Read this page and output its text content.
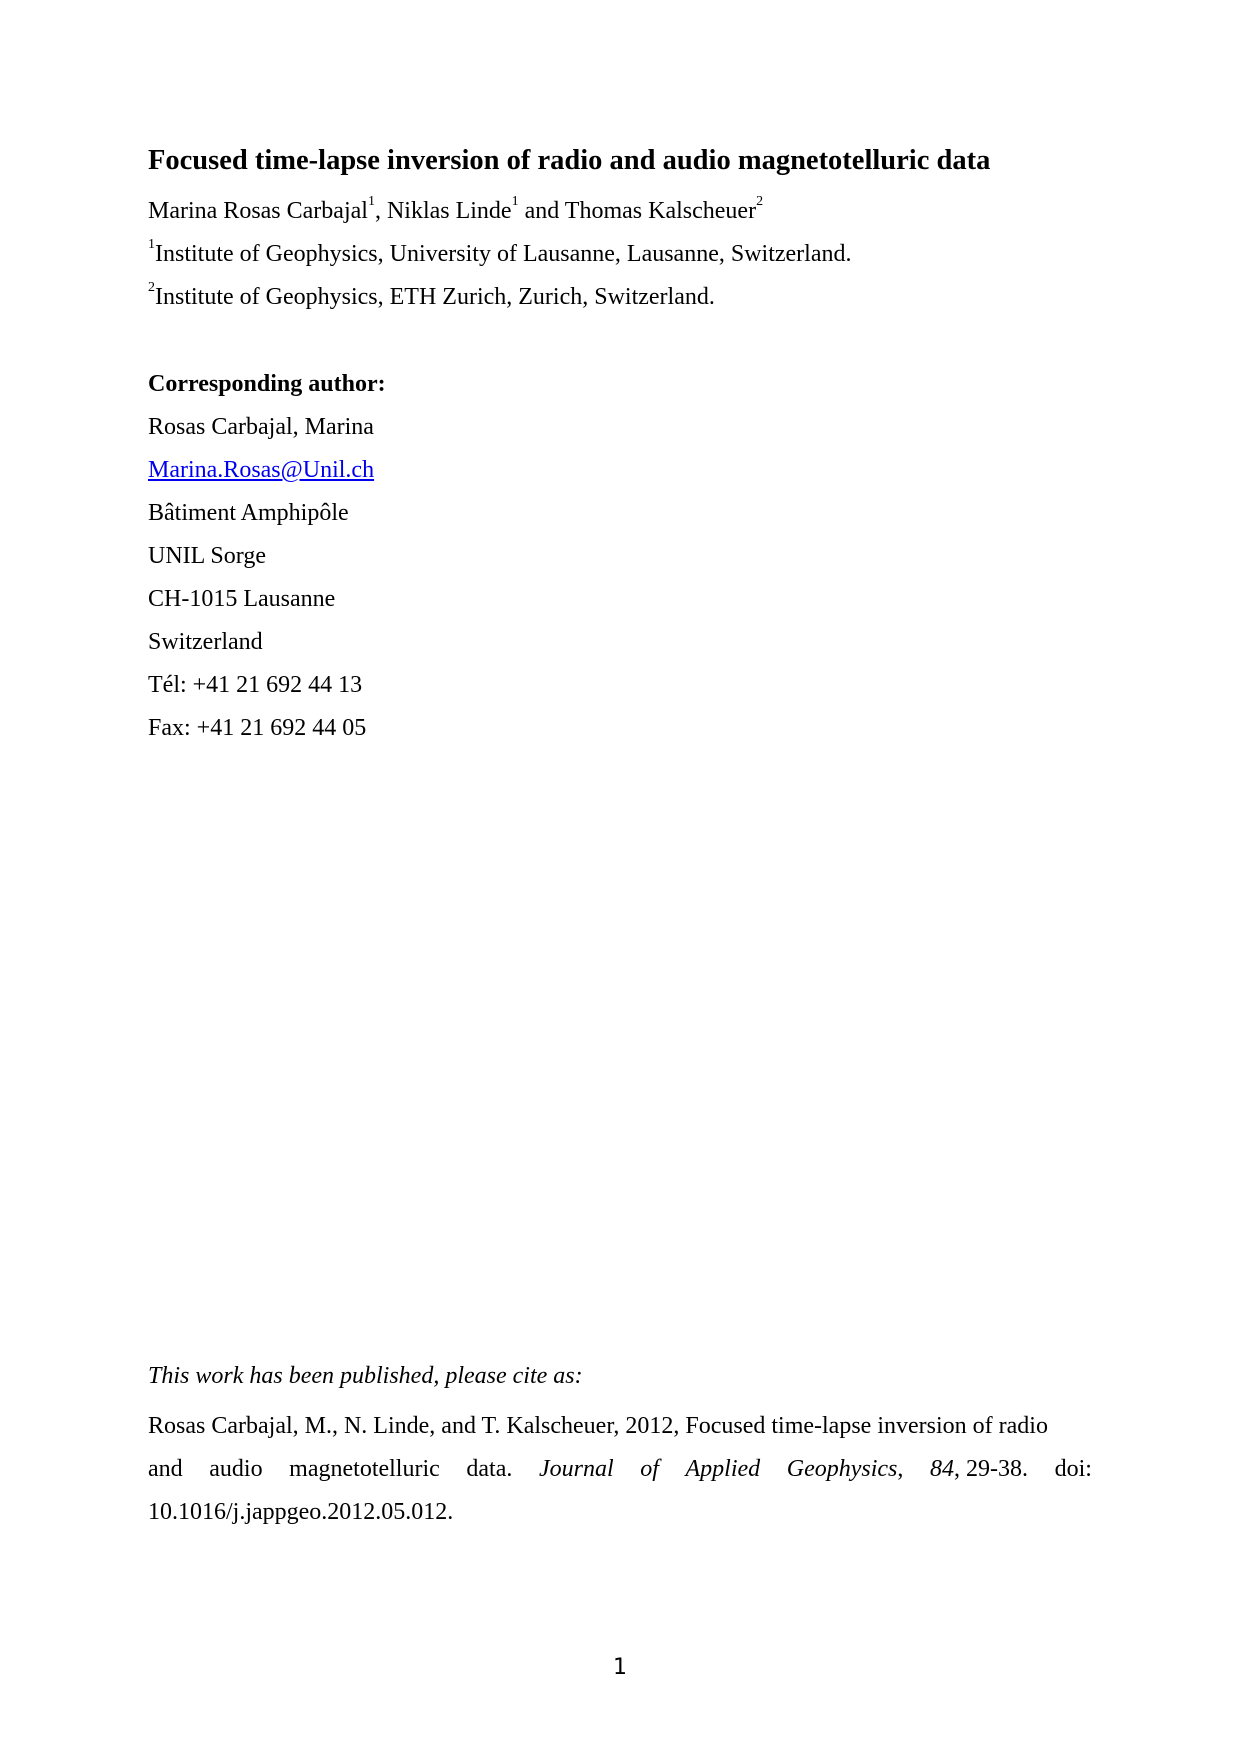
Focused time-lapse inversion of radio and audio magnetotelluric data
Marina Rosas Carbajal$^1$, Niklas Linde$^1$ and Thomas Kalscheuer$^2$
$^1$Institute of Geophysics, University of Lausanne, Lausanne, Switzerland.
$^2$Institute of Geophysics, ETH Zurich, Zurich, Switzerland.
Corresponding author:
Rosas Carbajal, Marina
Marina.Rosas@Unil.ch
Bâtiment Amphipôle
UNIL Sorge
CH-1015 Lausanne
Switzerland
Tél: +41 21 692 44 13
Fax: +41 21 692 44 05
This work has been published, please cite as:
Rosas Carbajal, M., N. Linde, and T. Kalscheuer, 2012, Focused time-lapse inversion of radio
and audio magnetotelluric data. Journal of Applied Geophysics, 84, 29-38. doi:
10.1016/j.jappgeo.2012.05.012.
1
